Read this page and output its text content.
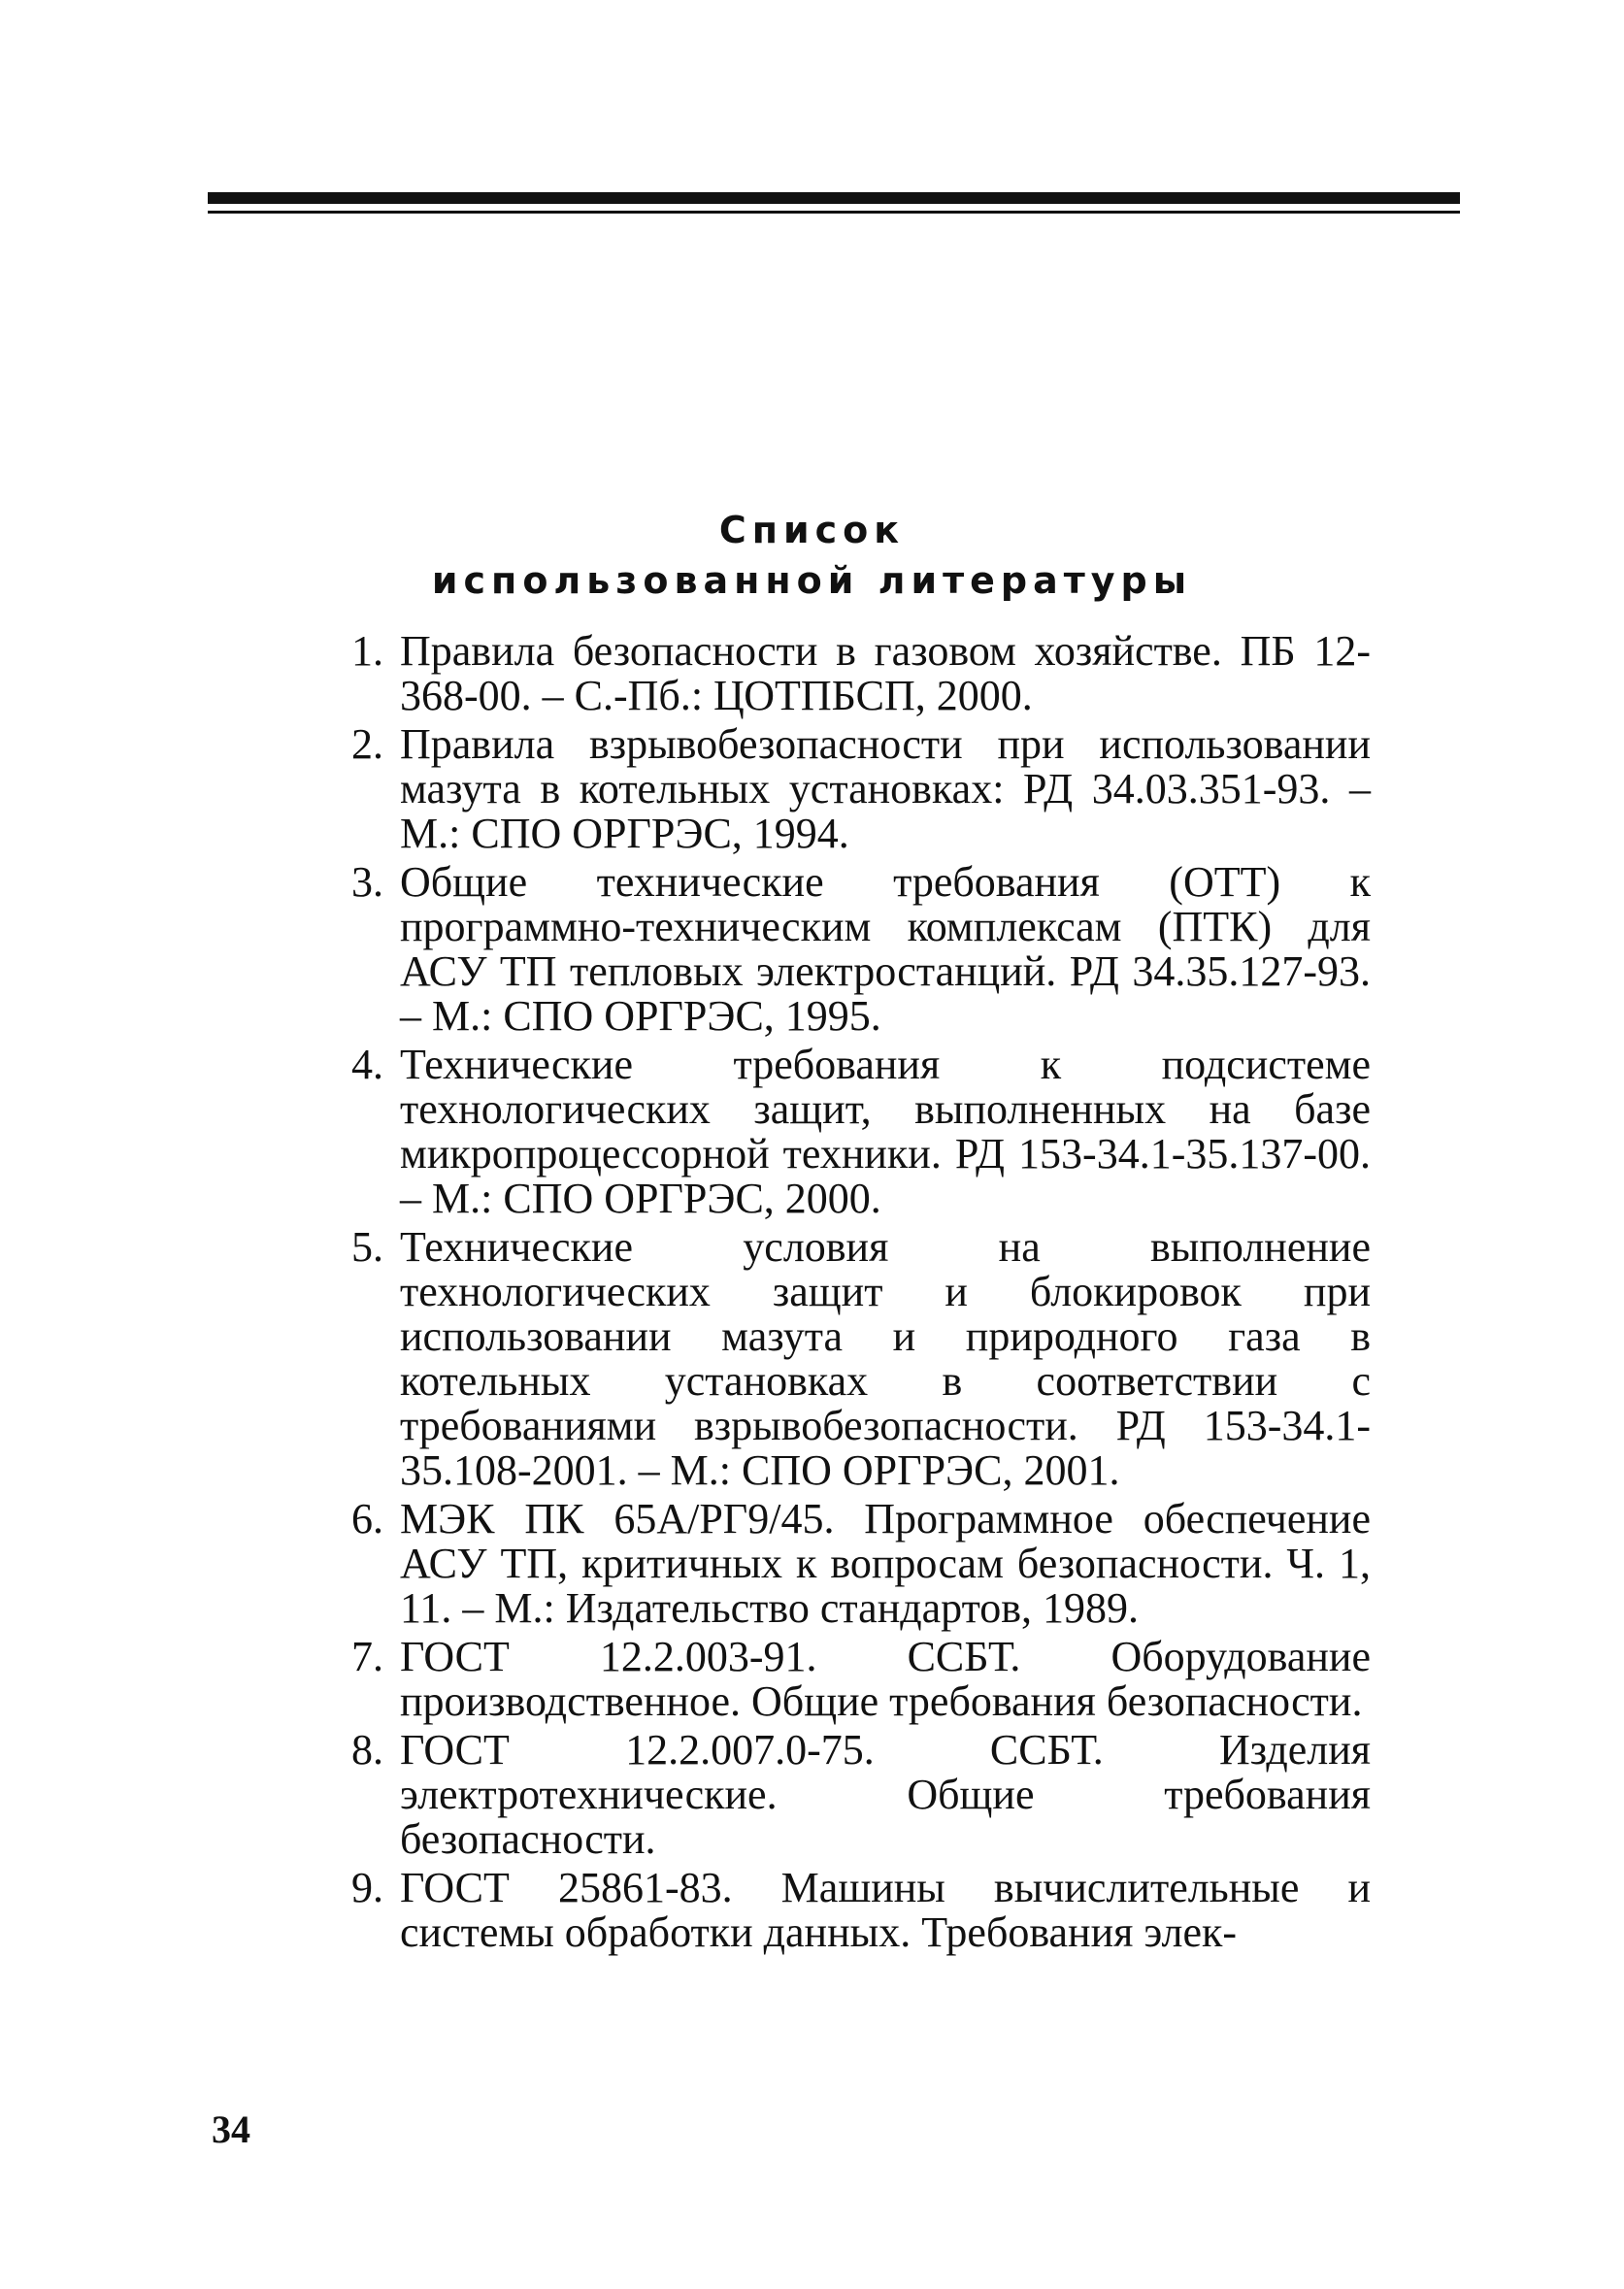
Список
использованной литературы
1. Правила безопасности в газовом хозяйстве. ПБ 12-368-00. – С.-Пб.: ЦОТПБСП, 2000.
2. Правила взрывобезопасности при использовании мазута в котельных установках: РД 34.03.351-93. – М.: СПО ОРГРЭС, 1994.
3. Общие технические требования (ОТТ) к программно-техническим комплексам (ПТК) для АСУ ТП тепловых электростанций. РД 34.35.127-93. – М.: СПО ОРГРЭС, 1995.
4. Технические требования к подсистеме технологических защит, выполненных на базе микропроцессорной техники. РД 153-34.1-35.137-00. – М.: СПО ОРГРЭС, 2000.
5. Технические условия на выполнение технологических защит и блокировок при использовании мазута и природного газа в котельных установках в соответствии с требованиями взрывобезопасности. РД 153-34.1-35.108-2001. – М.: СПО ОРГРЭС, 2001.
6. МЭК ПК 65А/РГ9/45. Программное обеспечение АСУ ТП, критичных к вопросам безопасности. Ч. 1, 11. – М.: Издательство стандартов, 1989.
7. ГОСТ 12.2.003-91. ССБТ. Оборудование производственное. Общие требования безопасности.
8. ГОСТ 12.2.007.0-75. ССБТ. Изделия электротехнические. Общие требования безопасности.
9. ГОСТ 25861-83. Машины вычислительные и системы обработки данных. Требования элек-
34
